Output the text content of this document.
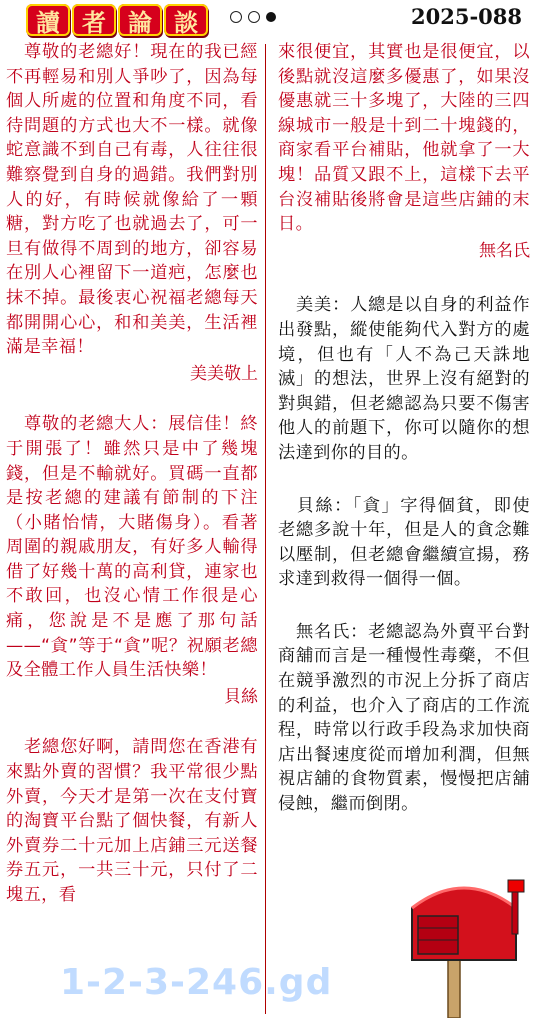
讀 者 論 談	2025-088

　尊敬的老總好！現在的我已經不再輕易和別人爭吵了，因為每個人所處的位置和角度不同，看待問題的方式也大不一樣。就像蛇意識不到自己有毒，人往往很難察覺到自身的過錯。我們對別人的好，有時候就像給了一顆糖，對方吃了也就過去了，可一旦有做得不周到的地方，卻容易在別人心裡留下一道疤，怎麼也抹不掉。最後衷心祝福老總每天都開開心心，和和美美，生活裡滿是幸福！

美美敬上

　尊敬的老總大人：展信佳！終于開張了！雖然只是中了幾塊錢，但是不輸就好。買碼一直都是按老總的建議有節制的下注（小賭怡情，大賭傷身）。看著周圍的親戚朋友，有好多人輸得借了好幾十萬的高利貸，連家也不敢回，也沒心情工作很是心痛，您說是不是應了那句話——“貪”等于“貪”呢？祝願老總及全體工作人員生活快樂！

貝絲

　老總您好啊，請問您在香港有來點外賣的習慣？我平常很少點外賣，今天才是第一次在支付寶的淘寶平台點了個快餐，有新人外賣券二十元加上店鋪三元送餐券五元，一共三十元，只付了二塊五，看

來很便宜，其實也是很便宜，以後點就沒這麼多優惠了，如果沒優惠就三十多塊了，大陸的三四線城市一般是十到二十塊錢的，商家看平台補貼，他就拿了一大塊！品質又跟不上，這樣下去平台沒補貼後將會是這些店鋪的末日。

無名氏

　美美：人總是以自身的利益作出發點，縱使能夠代入對方的處境，但也有「人不為己天誅地滅」的想法，世界上沒有絕對的對與錯，但老總認為只要不傷害他人的前題下，你可以隨你的想法達到你的目的。

　貝絲：「貪」字得個貧，即使老總多說十年，但是人的貪念難以壓制，但老總會繼續宣揚，務求達到救得一個得一個。

　無名氏：老總認為外賣平台對商舖而言是一種慢性毒藥，不但在競爭激烈的市況上分拆了商店的利益，也介入了商店的工作流程，時常以行政手段為求加快商店出餐速度從而增加利潤，但無視店舖的食物質素，慢慢把店舖侵蝕，繼而倒閉。

1-2-3-246.gd
